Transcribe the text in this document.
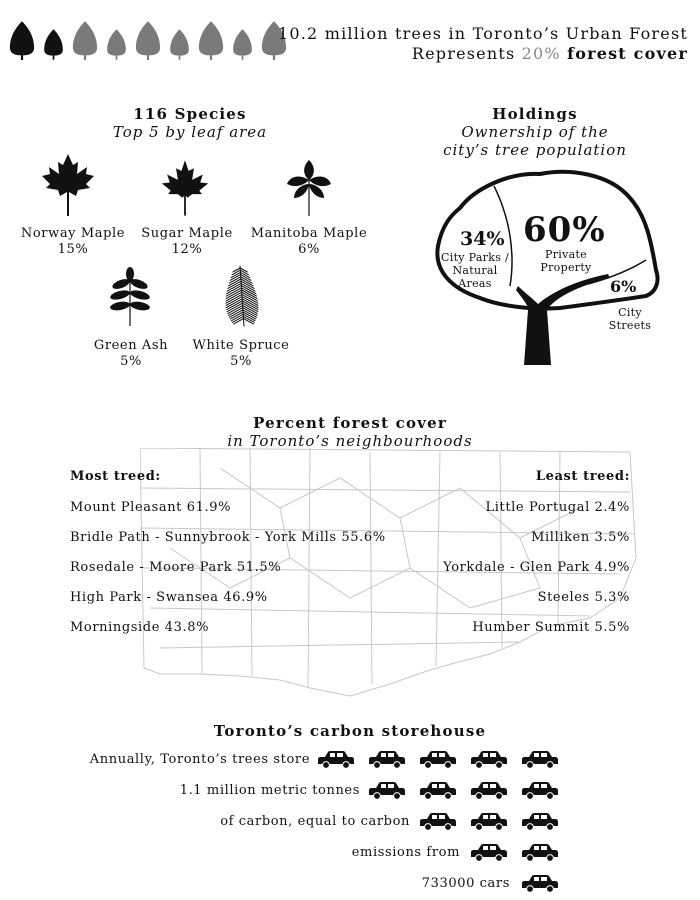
10.2 million trees in Toronto’s Urban Forest
Represents 20% forest cover
116 Species
Top 5 by leaf area
Norway Maple
15%
Sugar Maple
12%
Manitoba Maple
6%
Green Ash
5%
White Spruce
5%
Holdings
Ownership of the
city’s tree population
60%
Private
Property
34%
City Parks /
Natural
Areas	6%
City
Streets
Percent forest cover
in Toronto’s neighbourhoods
Most treed:
Mount Pleasant 61.9%
Bridle Path - Sunnybrook - York Mills 55.6%
Rosedale - Moore Park 51.5%
High Park - Swansea 46.9%
Morningside 43.8%
Least treed:
Little Portugal 2.4%
Milliken 3.5%
Yorkdale - Glen Park 4.9%
Steeles 5.3%
Humber Summit 5.5%
Toronto’s carbon storehouse
Annually, Toronto’s trees store
1.1 million metric tonnes
of carbon, equal to carbon
emissions from
733000 cars
